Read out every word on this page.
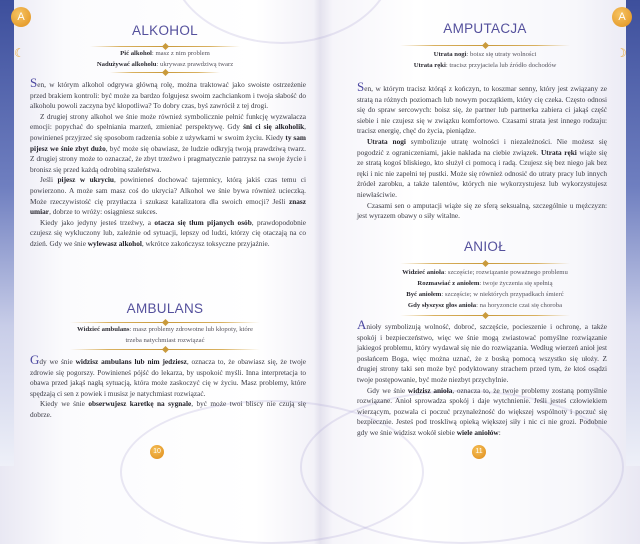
☾
A
ALKOHOL
Pić alkohol: masz z nim problem
Nadużywać alkoholu: ukrywasz prawdziwą twarz

Sen, w którym alkohol odgrywa główną rolę, można traktować jako swoiste ostrzeżenie przed brakiem kontroli: być może za bardzo folgujesz swoim zachciankom i twoja słabość do alkoholu powoli zaczyna być kłopotliwa? To dobry czas, byś zawrócił z tej drogi.

Z drugiej strony alkohol we śnie może również symbolicznie pełnić funkcję wyzwalacza emocji: popychać do spełniania marzeń, zmieniać perspektywę. Gdy śni ci się alkoholik, powinieneś przyjrzeć się sposobom radzenia sobie z używkami w swoim życiu. Kiedy ty sam pijesz we śnie zbyt dużo, być może się obawiasz, że ludzie odkryją twoją prawdziwą twarz. Z drugiej strony może to oznaczać, że zbyt trzeźwo i pragmatycznie patrzysz na swoje życie i bronisz się przed każdą odrobiną szaleństwa.

Jeśli pijesz w ukryciu, powinieneś dochować tajemnicy, którą jakiś czas temu ci powierzono. A może sam masz coś do ukrycia? Alkohol we śnie bywa również ucieczką. Może rzeczywistość cię przytłacza i szukasz katalizatora dla swoich emocji? Jeśli znasz umiar, dobrze to wróży: osiągniesz sukces.

Kiedy jako jedyny jesteś trzeźwy, a otacza się tłum pijanych osób, prawdopodobnie czujesz się wykluczony lub, zależnie od sytuacji, lepszy od ludzi, którzy cię otaczają na co dzień. Gdy we śnie wylewasz alkohol, wkrótce zakończysz toksyczne przyjaźnie.

AMBULANS
Widzieć ambulans: masz problemy zdrowotne lub kłopoty, które trzeba natychmiast rozwiązać

Gdy we śnie widzisz ambulans lub nim jedziesz, oznacza to, że obawiasz się, że twoje zdrowie się pogorszy. Powinieneś pójść do lekarza, by uspokoić myśli. Inna interpretacja to obawa przed jakąś nagłą sytuacją, która może zaskoczyć cię w życiu. Masz problemy, które spędzają ci sen z powiek i musisz je natychmiast rozwiązać.

Kiedy we śnie obserwujesz karetkę na sygnale, być może twoi bliscy nie czują się dobrze.

10
☽
A
AMPUTACJA
Utrata nogi: boisz się utraty wolności
Utrata ręki: tracisz przyjaciela lub źródło dochodów

Sen, w którym tracisz którąś z kończyn, to koszmar senny, który jest związany ze stratą na różnych poziomach lub nowym początkiem, który cię czeka. Często odnosi się do spraw sercowych: boisz się, że partner lub partnerka zabiera ci jakąś część siebie i nie czujesz się w związku komfortowo. Czasami strata jest innego rodzaju: tracisz energię, chęć do życia, pieniądze.

Utrata nogi symbolizuje utratę wolności i niezależności. Nie możesz się pogodzić z ograniczeniami, jakie nakłada na ciebie związek. Utrata ręki wiąże się ze stratą kogoś bliskiego, kto służył ci pomocą i radą. Czujesz się bez niego jak bez ręki i nic nie zapełni tej pustki. Może się również odnosić do utraty pracy lub innych źródeł zarobku, a także talentów, których nie wykorzystujesz lub wykorzystujesz niewłaściwie.

Czasami sen o amputacji wiąże się ze sferą seksualną, szczególnie u mężczyzn: jest wyrazem obawy o siły witalne.

ANIOŁ
Widzieć anioła: szczęście; rozwiązanie poważnego problemu
Rozmawiać z aniołem: twoje życzenia się spełnią
Być aniołem: szczęście; w niektórych przypadkach śmierć
Gdy słyszysz głos anioła: na horyzoncie czai się choroba

Anioły symbolizują wolność, dobroć, szczęście, pocieszenie i ochronę, a także spokój i bezpieczeństwo, więc we śnie mogą zwiastować pomyślne rozwiązanie jakiegoś problemu, który wydawał się nie do rozwiązania. Według wierzeń anioł jest posłańcem Boga, więc można uznać, że z boską pomocą wszystko się ułoży. Z drugiej strony taki sen może być podyktowany strachem przed tym, że ktoś osądzi twoje postępowanie, być może niezbyt przychylnie.

Gdy we śnie widzisz anioła, oznacza to, że twoje problemy zostaną pomyślnie rozwiązane. Anioł sprowadza spokój i daje wytchnienie. Jeśli jesteś człowiekiem wierzącym, pozwala ci poczuć przynależność do większej wspólnoty i poczuć się bezpiecznie. Jesteś pod troskliwą opieką większej siły i nic ci nie grozi. Podobnie gdy we śnie widzisz wokół siebie wiele aniołów:

11
